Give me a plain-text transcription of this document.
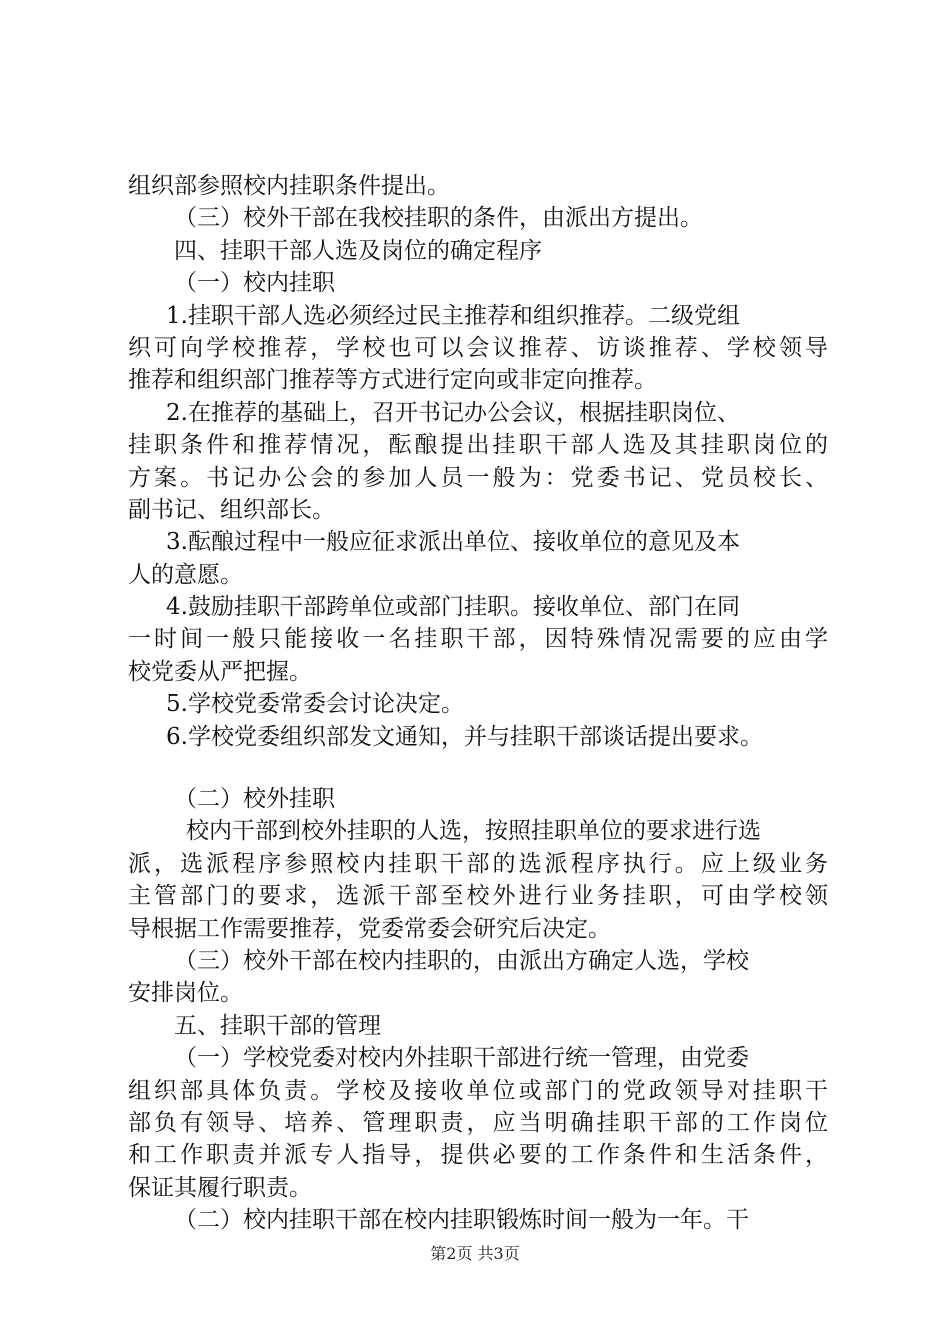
组织部参照校内挂职条件提出。
（三）校外干部在我校挂职的条件，由派出方提出。
四、挂职干部人选及岗位的确定程序
（一）校内挂职
1.挂职干部人选必须经过民主推荐和组织推荐。二级党组
织可向学校推荐，学校也可以会议推荐、访谈推荐、学校领导
推荐和组织部门推荐等方式进行定向或非定向推荐。
2.在推荐的基础上，召开书记办公会议，根据挂职岗位、
挂职条件和推荐情况，酝酿提出挂职干部人选及其挂职岗位的
方案。书记办公会的参加人员一般为：党委书记、党员校长、
副书记、组织部长。
3.酝酿过程中一般应征求派出单位、接收单位的意见及本
人的意愿。
4.鼓励挂职干部跨单位或部门挂职。接收单位、部门在同
一时间一般只能接收一名挂职干部，因特殊情况需要的应由学
校党委从严把握。
5.学校党委常委会讨论决定。
6.学校党委组织部发文通知，并与挂职干部谈话提出要求。
（二）校外挂职
校内干部到校外挂职的人选，按照挂职单位的要求进行选
派，选派程序参照校内挂职干部的选派程序执行。应上级业务
主管部门的要求，选派干部至校外进行业务挂职，可由学校领
导根据工作需要推荐，党委常委会研究后决定。
（三）校外干部在校内挂职的，由派出方确定人选，学校
安排岗位。
五、挂职干部的管理
（一）学校党委对校内外挂职干部进行统一管理，由党委
组织部具体负责。学校及接收单位或部门的党政领导对挂职干
部负有领导、培养、管理职责，应当明确挂职干部的工作岗位
和工作职责并派专人指导，提供必要的工作条件和生活条件，
保证其履行职责。
（二）校内挂职干部在校内挂职锻炼时间一般为一年。干
第2页 共3页
